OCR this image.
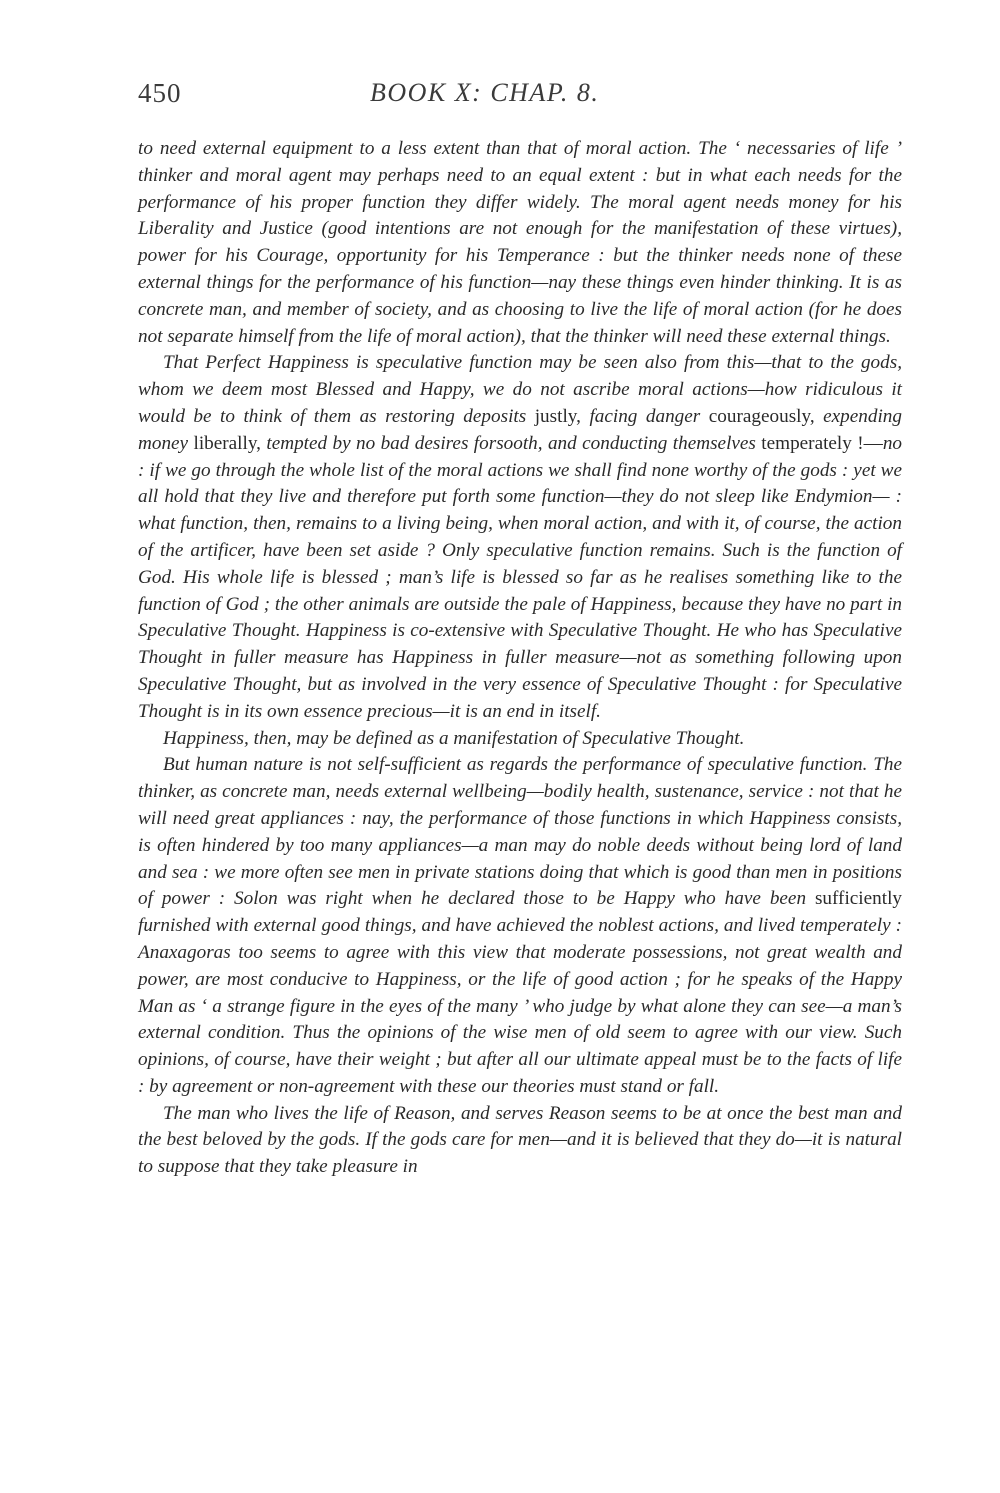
450	BOOK X: CHAP. 8.

to need external equipment to a less extent than that of moral action. The ‘ necessaries of life ’ thinker and moral agent may perhaps need to an equal extent : but in what each needs for the performance of his proper function they differ widely. The moral agent needs money for his Liberality and Justice (good intentions are not enough for the manifestation of these virtues), power for his Courage, opportunity for his Temperance : but the thinker needs none of these external things for the performance of his function—nay these things even hinder thinking. It is as concrete man, and member of society, and as choosing to live the life of moral action (for he does not separate himself from the life of moral action), that the thinker will need these external things.

That Perfect Happiness is speculative function may be seen also from this—that to the gods, whom we deem most Blessed and Happy, we do not ascribe moral actions—how ridiculous it would be to think of them as restoring deposits justly, facing danger courageously, expending money liberally, tempted by no bad desires forsooth, and conducting themselves temperately !—no : if we go through the whole list of the moral actions we shall find none worthy of the gods : yet we all hold that they live and therefore put forth some function—they do not sleep like Endymion— : what function, then, remains to a living being, when moral action, and with it, of course, the action of the artificer, have been set aside ? Only speculative function remains. Such is the function of God. His whole life is blessed ; man’s life is blessed so far as he realises something like to the function of God ; the other animals are outside the pale of Happiness, because they have no part in Speculative Thought. Happiness is co-extensive with Speculative Thought. He who has Speculative Thought in fuller measure has Happiness in fuller measure—not as something following upon Speculative Thought, but as involved in the very essence of Speculative Thought : for Speculative Thought is in its own essence precious—it is an end in itself.

Happiness, then, may be defined as a manifestation of Speculative Thought.

But human nature is not self-sufficient as regards the performance of speculative function. The thinker, as concrete man, needs external wellbeing—bodily health, sustenance, service : not that he will need great appliances : nay, the performance of those functions in which Happiness consists, is often hindered by too many appliances—a man may do noble deeds without being lord of land and sea : we more often see men in private stations doing that which is good than men in positions of power : Solon was right when he declared those to be Happy who have been sufficiently furnished with external good things, and have achieved the noblest actions, and lived temperately : Anaxagoras too seems to agree with this view that moderate possessions, not great wealth and power, are most conducive to Happiness, or the life of good action ; for he speaks of the Happy Man as ‘ a strange figure in the eyes of the many ’ who judge by what alone they can see—a man’s external condition. Thus the opinions of the wise men of old seem to agree with our view. Such opinions, of course, have their weight ; but after all our ultimate appeal must be to the facts of life : by agreement or non-agreement with these our theories must stand or fall.

The man who lives the life of Reason, and serves Reason seems to be at once the best man and the best beloved by the gods. If the gods care for men—and it is believed that they do—it is natural to suppose that they take pleasure in
